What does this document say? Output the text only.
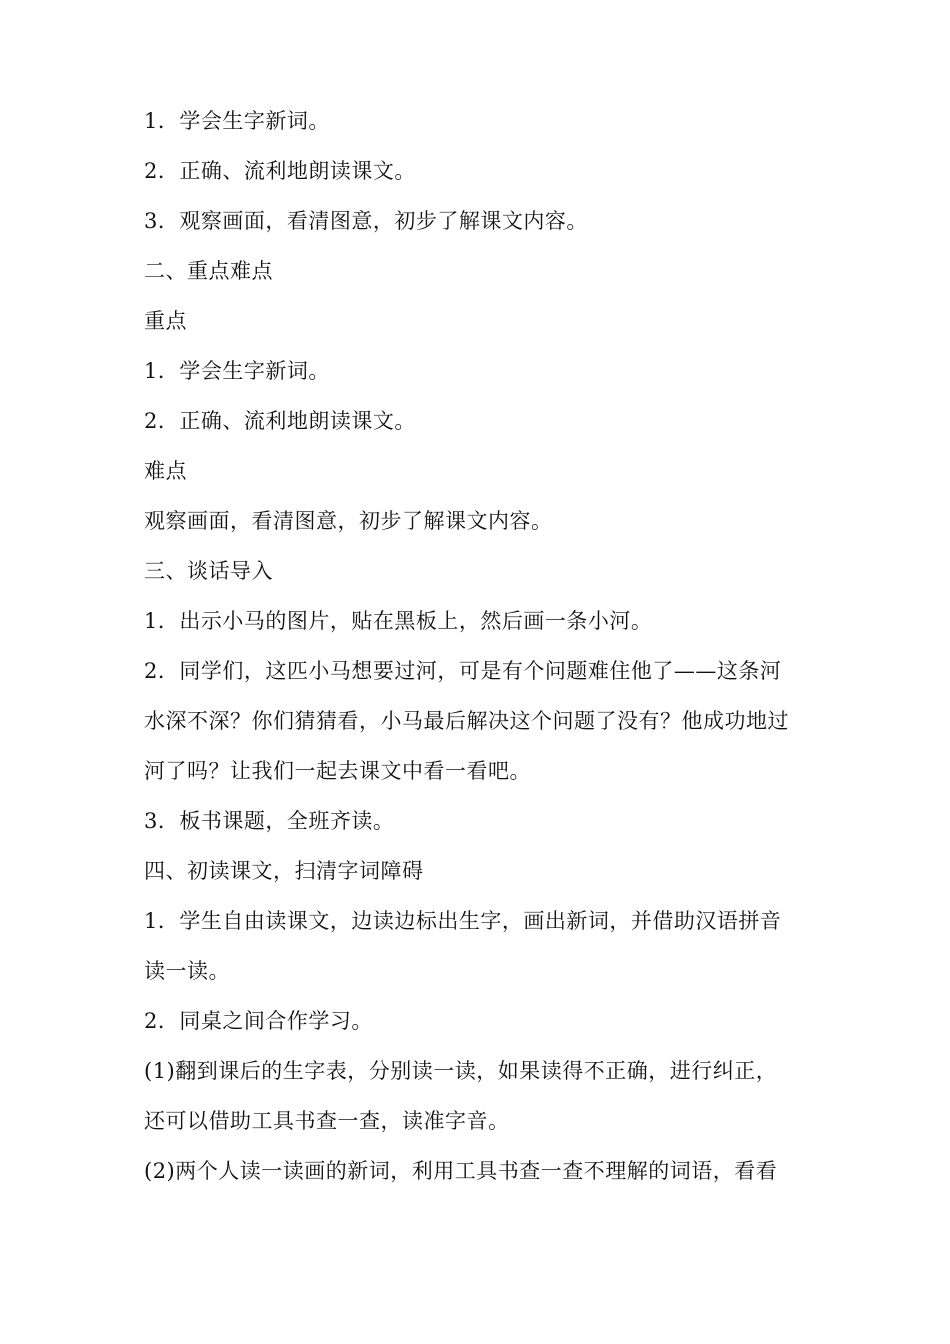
1．学会生字新词。
2．正确、流利地朗读课文。
3．观察画面，看清图意，初步了解课文内容。
二、重点难点
重点
1．学会生字新词。
2．正确、流利地朗读课文。
难点
观察画面，看清图意，初步了解课文内容。
三、谈话导入
1．出示小马的图片，贴在黑板上，然后画一条小河。
2．同学们，这匹小马想要过河，可是有个问题难住他了——这条河
水深不深？你们猜猜看，小马最后解决这个问题了没有？他成功地过
河了吗？让我们一起去课文中看一看吧。
3．板书课题，全班齐读。
四、初读课文，扫清字词障碍
1．学生自由读课文，边读边标出生字，画出新词，并借助汉语拼音
读一读。
2．同桌之间合作学习。
(1)翻到课后的生字表，分别读一读，如果读得不正确，进行纠正，
还可以借助工具书查一查，读准字音。
(2)两个人读一读画的新词，利用工具书查一查不理解的词语，看看
